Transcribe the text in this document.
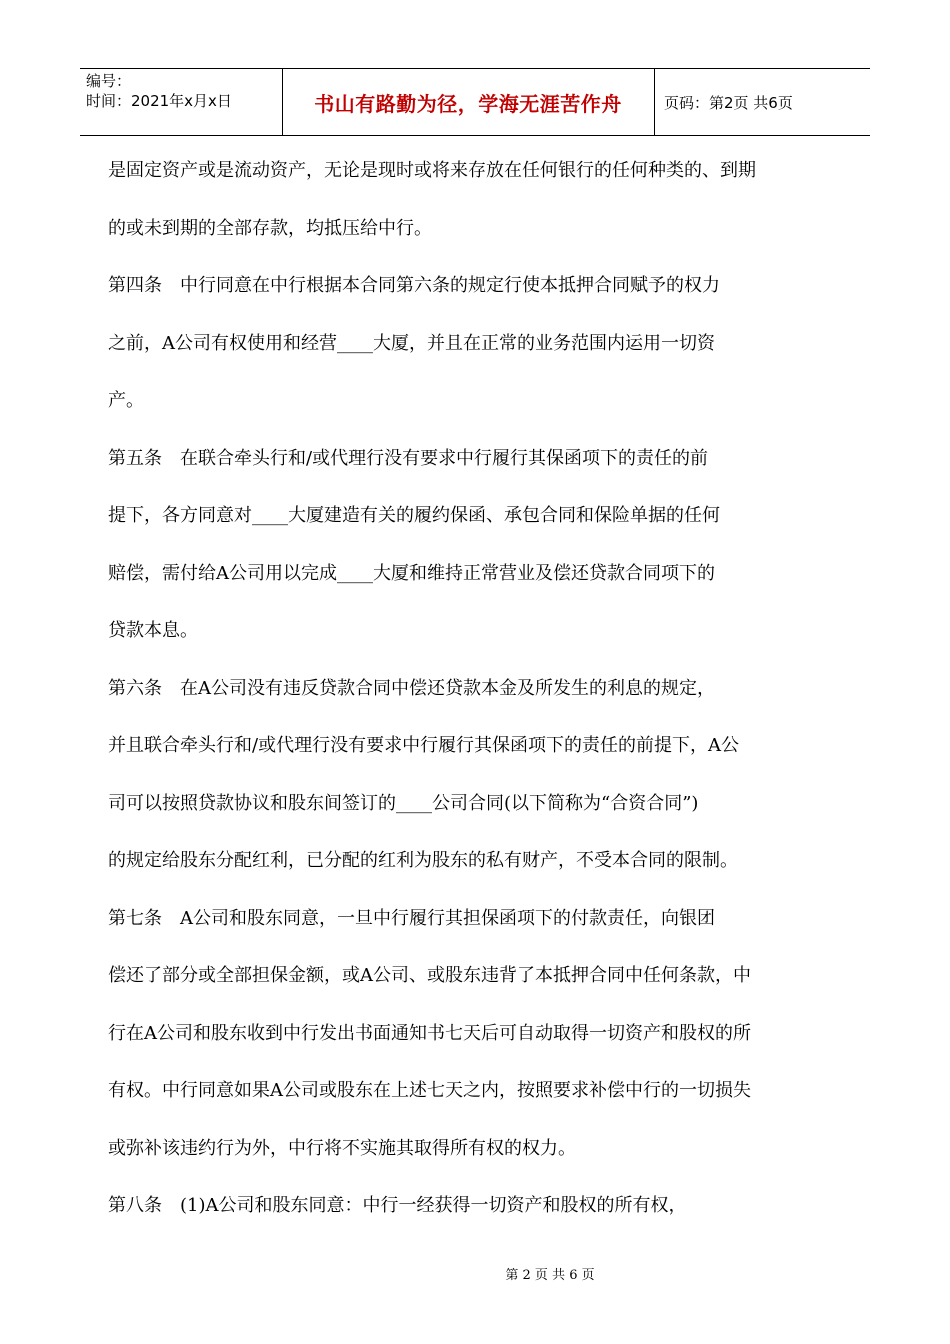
编号：
时间：2021年x月x日	书山有路勤为径，学海无涯苦作舟	页码：第2页 共6页
是固定资产或是流动资产，无论是现时或将来存放在任何银行的任何种类的、到期
的或未到期的全部存款，均抵压给中行。
第四条　中行同意在中行根据本合同第六条的规定行使本抵押合同赋予的权力
之前，A公司有权使用和经营____大厦，并且在正常的业务范围内运用一切资
产。
第五条　在联合牵头行和/或代理行没有要求中行履行其保函项下的责任的前
提下，各方同意对____大厦建造有关的履约保函、承包合同和保险单据的任何
赔偿，需付给A公司用以完成____大厦和维持正常营业及偿还贷款合同项下的
贷款本息。
第六条　在A公司没有违反贷款合同中偿还贷款本金及所发生的利息的规定，
并且联合牵头行和/或代理行没有要求中行履行其保函项下的责任的前提下，A公
司可以按照贷款协议和股东间签订的____公司合同(以下简称为“合资合同”)
的规定给股东分配红利，已分配的红利为股东的私有财产，不受本合同的限制。
第七条　A公司和股东同意，一旦中行履行其担保函项下的付款责任，向银团
偿还了部分或全部担保金额，或A公司、或股东违背了本抵押合同中任何条款，中
行在A公司和股东收到中行发出书面通知书七天后可自动取得一切资产和股权的所
有权。中行同意如果A公司或股东在上述七天之内，按照要求补偿中行的一切损失
或弥补该违约行为外，中行将不实施其取得所有权的权力。
第八条　(1)A公司和股东同意：中行一经获得一切资产和股权的所有权，
第 2 页 共 6 页
